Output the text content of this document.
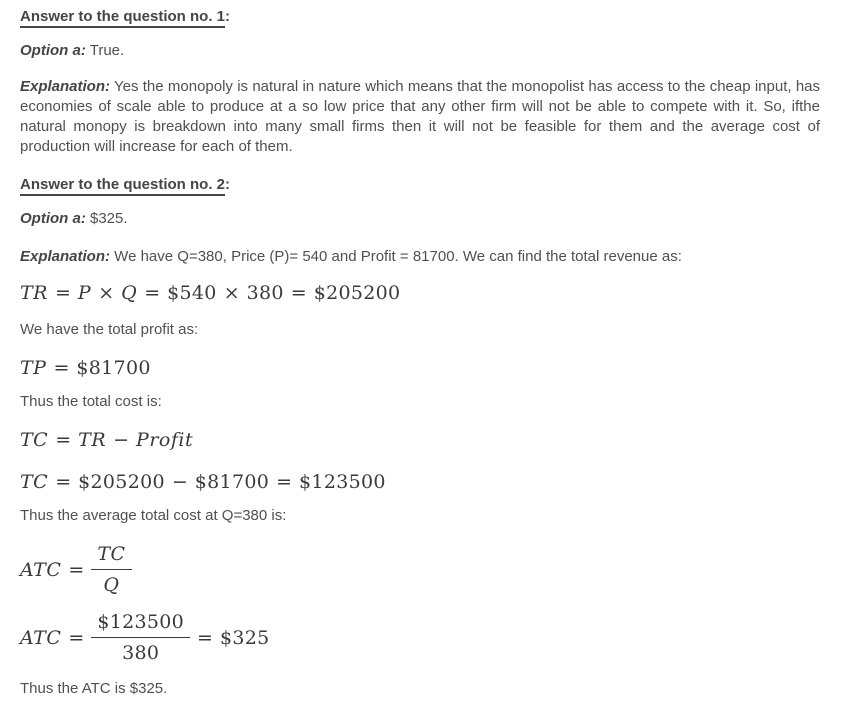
Answer to the question no. 1:

Option a: True.

Explanation: Yes the monopoly is natural in nature which means that the monopolist has access to the cheap input, has economies of scale able to produce at a so low price that any other firm will not be able to compete with it. So, ifthe natural monopy is breakdown into many small firms then it will not be feasible for them and the average cost of production will increase for each of them.

Answer to the question no. 2:

Option a: $325.

Explanation: We have Q=380, Price (P)= 540 and Profit = 81700. We can find the total revenue as:

TR = P × Q = $540 × 380 = $205200

We have the total profit as:

TP = $81700

Thus the total cost is:

TC = TR − Profit
TC = $205200 − $81700 = $123500

Thus the average total cost at Q=380 is:

ATC = $\frac{TC}{Q}$
ATC = $\frac{\$123500}{380}$ = $325

Thus the ATC is $325.
